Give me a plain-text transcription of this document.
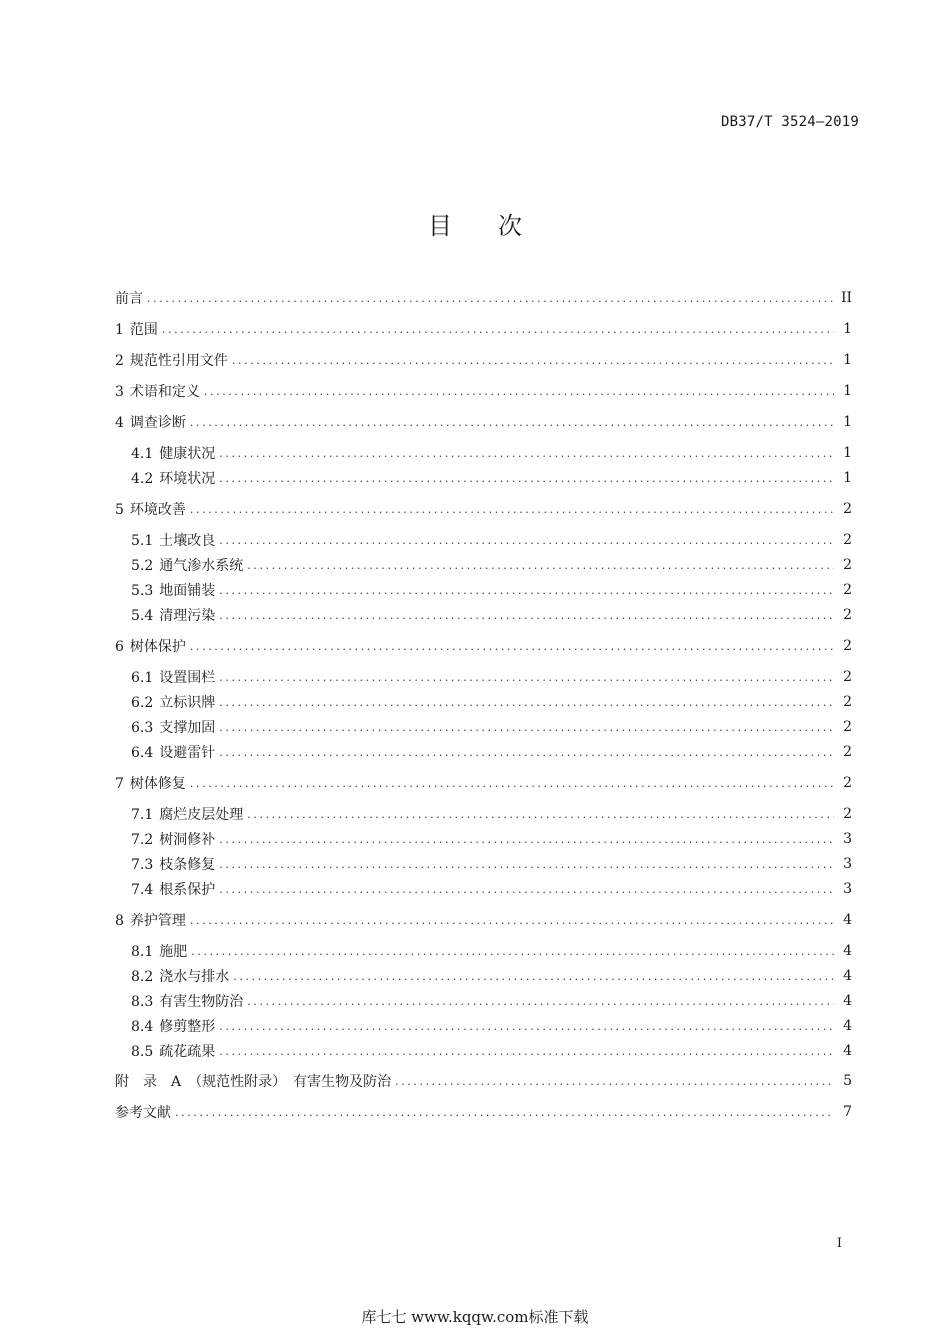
DB37/T 3524—2019
目 次
前言 .....	II
1 范围 .....	1
2 规范性引用文件 .....	1
3 术语和定义 .....	1
4 调查诊断 .....	1
4.1 健康状况 .....	1
4.2 环境状况 .....	1
5 环境改善 .....	2
5.1 土壤改良 .....	2
5.2 通气渗水系统 .....	2
5.3 地面铺装 .....	2
5.4 清理污染 .....	2
6 树体保护 .....	2
6.1 设置围栏 .....	2
6.2 立标识牌 .....	2
6.3 支撑加固 .....	2
6.4 设避雷针 .....	2
7 树体修复 .....	2
7.1 腐烂皮层处理 .....	2
7.2 树洞修补 .....	3
7.3 枝条修复 .....	3
7.4 根系保护 .....	3
8 养护管理 .....	4
8.1 施肥 .....	4
8.2 浇水与排水 .....	4
8.3 有害生物防治 .....	4
8.4 修剪整形 .....	4
8.5 疏花疏果 .....	4
附　录　A　（规范性附录）　有害生物及防治 .....	5
参考文献 .....	7
I
库七七 www.kqqw.com标准下载
